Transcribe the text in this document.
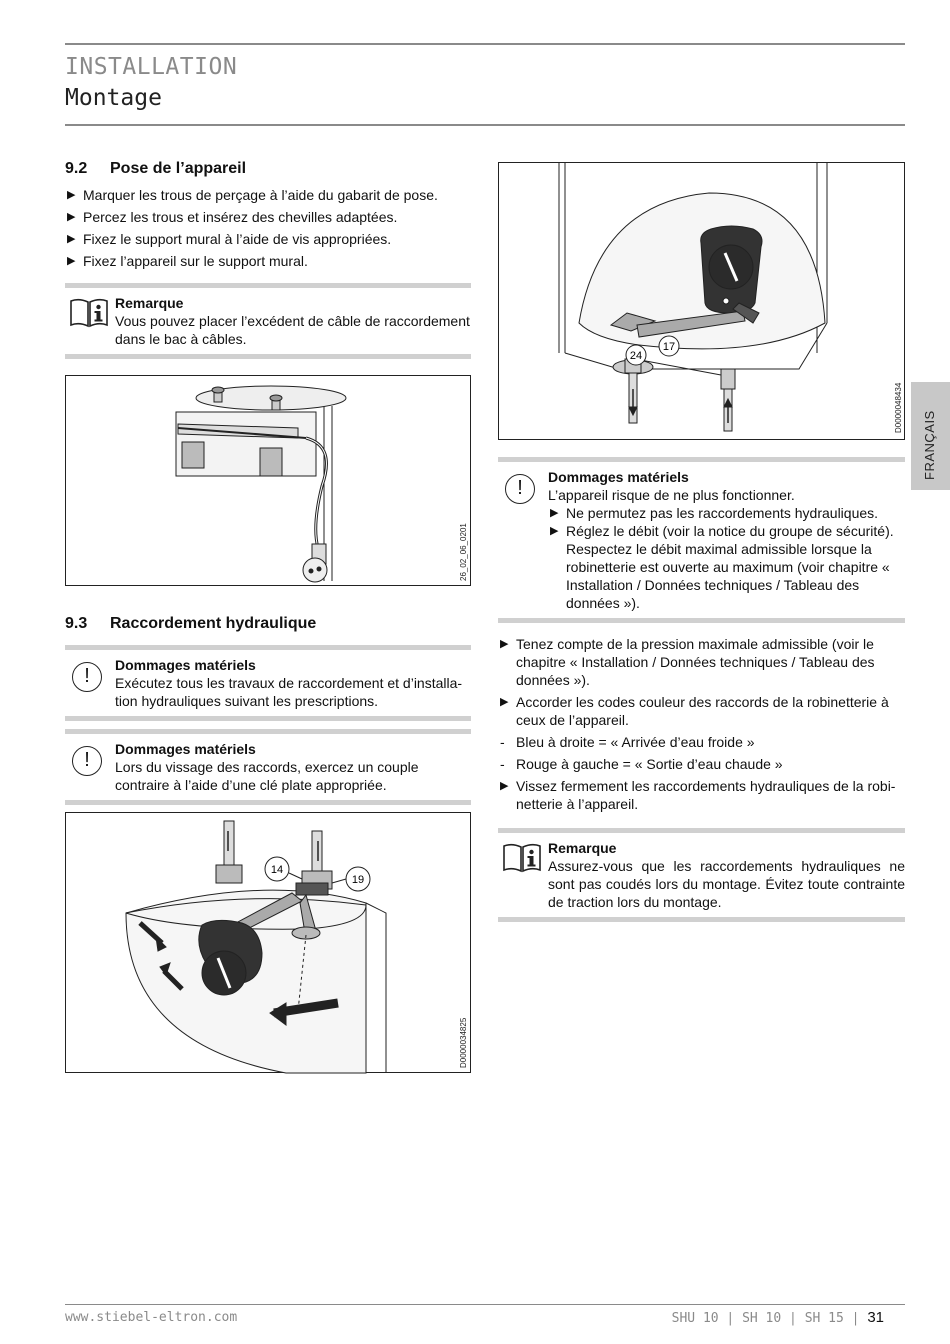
INSTALLATION
Montage
FRANÇAIS
9.2 Pose de l’appareil
▶ Marquer les trous de perçage à l’aide du gabarit de pose.
▶ Percez les trous et insérez des chevilles adaptées.
▶ Fixez le support mural à l’aide de vis appropriées.
▶ Fixez l’appareil sur le support mural.
Remarque
Vous pouvez placer l’excédent de câble de raccordement dans le bac à câbles.
9.3 Raccordement hydraulique
!	Dommages matériels
Exécutez tous les travaux de raccordement et d’installa-tion hydrauliques suivant les prescriptions.
!	Dommages matériels
Lors du vissage des raccords, exercez un couple contraire à l’aide d’une clé plate appropriée.
26_02_06_0201
14
19
D0000034825
24
17
D0000048434
!	Dommages matériels
L’appareil risque de ne plus fonctionner.
▶ Ne permutez pas les raccordements hydrauliques.
▶ Réglez le débit (voir la notice du groupe de sécurité). Respectez le débit maximal admissible lorsque la robinetterie est ouverte au maximum (voir chapitre « Installation / Données techniques / Tableau des données »).
▶ Tenez compte de la pression maximale admissible (voir le chapitre « Installation / Données techniques / Tableau des données »).
▶ Accorder les codes couleur des raccords de la robinetterie à ceux de l’appareil.
- Bleu à droite = « Arrivée d’eau froide »
- Rouge à gauche = « Sortie d’eau chaude »
▶ Vissez fermement les raccordements hydrauliques de la robi-netterie à l’appareil.
Remarque
Assurez-vous que les raccordements hydrauliques ne sont pas coudés lors du montage. Évitez toute contrainte de traction lors du montage.
www.stiebel-eltron.com	SHU 10 | SH 10 | SH 15 | 31
